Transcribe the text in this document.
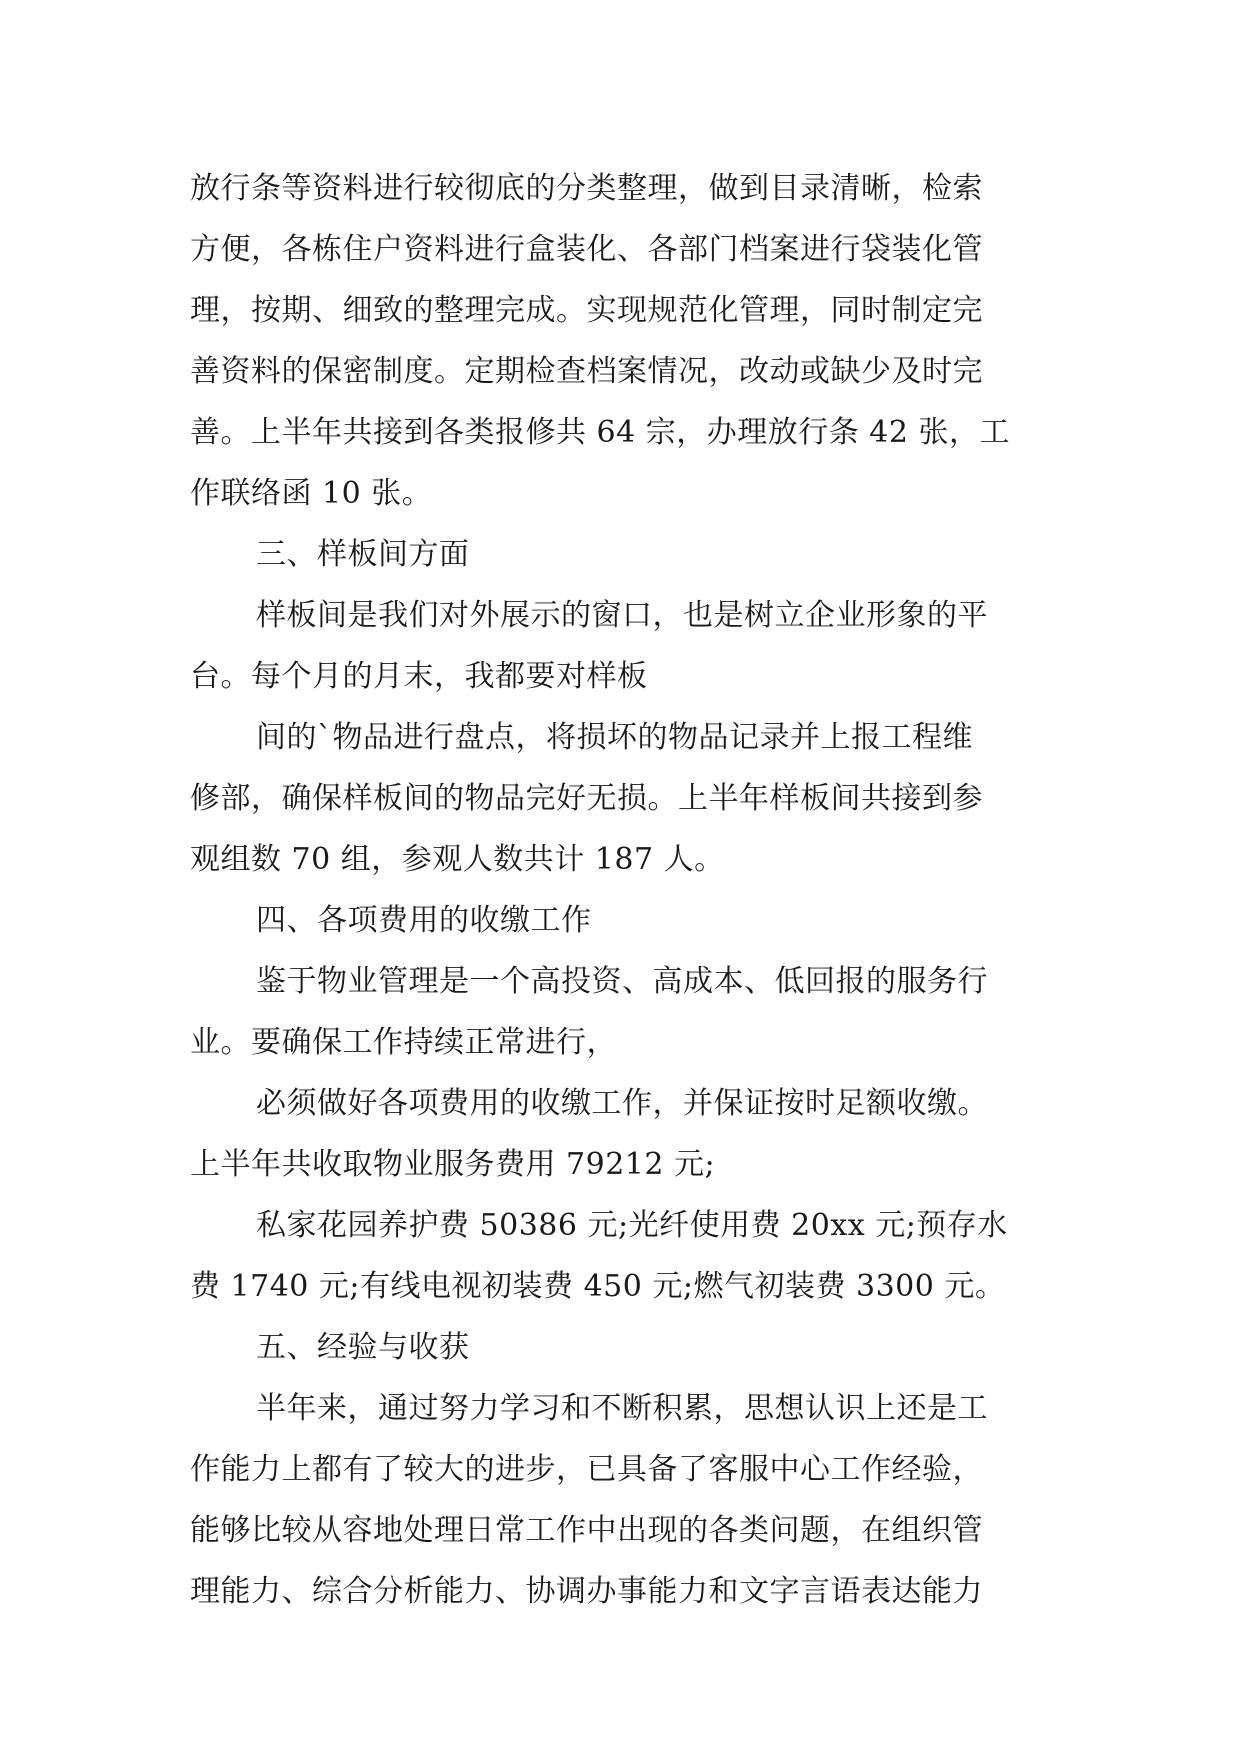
放行条等资料进行较彻底的分类整理，做到目录清晰，检索
方便，各栋住户资料进行盒装化、各部门档案进行袋装化管
理，按期、细致的整理完成。实现规范化管理，同时制定完
善资料的保密制度。定期检查档案情况，改动或缺少及时完
善。上半年共接到各类报修共 64 宗，办理放行条 42 张，工
作联络函 10 张。
三、样板间方面
样板间是我们对外展示的窗口，也是树立企业形象的平
台。每个月的月末，我都要对样板
间的`物品进行盘点，将损坏的物品记录并上报工程维
修部，确保样板间的物品完好无损。上半年样板间共接到参
观组数 70 组，参观人数共计 187 人。
四、各项费用的收缴工作
鉴于物业管理是一个高投资、高成本、低回报的服务行
业。要确保工作持续正常进行，
必须做好各项费用的收缴工作，并保证按时足额收缴。
上半年共收取物业服务费用 79212 元;
私家花园养护费 50386 元;光纤使用费 20xx 元;预存水
费 1740 元;有线电视初装费 450 元;燃气初装费 3300 元。
五、经验与收获
半年来，通过努力学习和不断积累，思想认识上还是工
作能力上都有了较大的进步，已具备了客服中心工作经验，
能够比较从容地处理日常工作中出现的各类问题，在组织管
理能力、综合分析能力、协调办事能力和文字言语表达能力
